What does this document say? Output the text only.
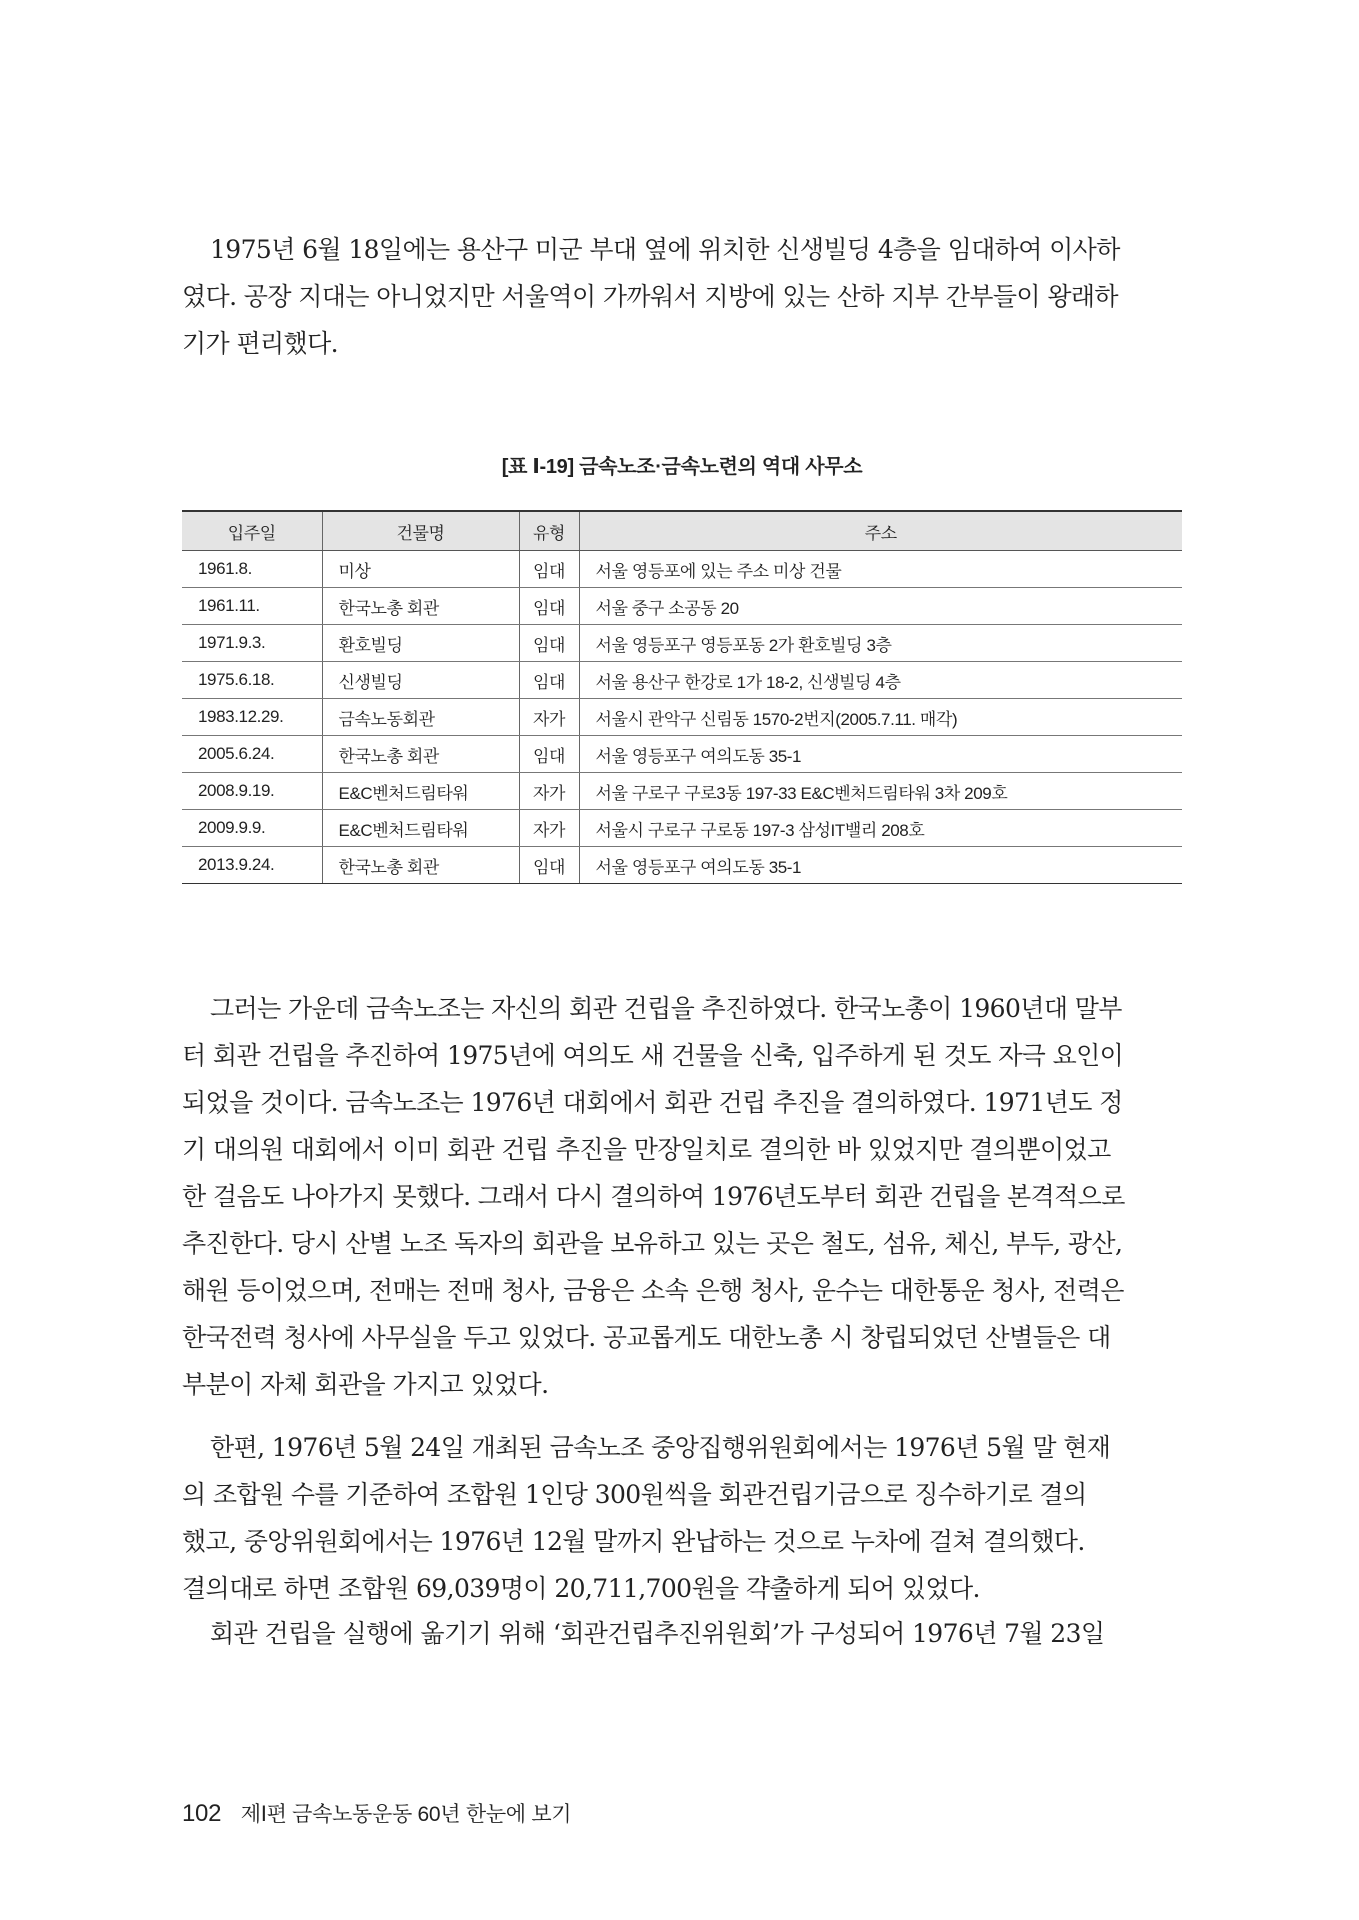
1975년 6월 18일에는 용산구 미군 부대 옆에 위치한 신생빌딩 4층을 임대하여 이사하
였다. 공장 지대는 아니었지만 서울역이 가까워서 지방에 있는 산하 지부 간부들이 왕래하
기가 편리했다.
[표 Ⅰ-19] 금속노조·금속노련의 역대 사무소
입주일	건물명	유형	주소
1961.8.	미상	임대	서울 영등포에 있는 주소 미상 건물
1961.11.	한국노총 회관	임대	서울 중구 소공동 20
1971.9.3.	환호빌딩	임대	서울 영등포구 영등포동 2가 환호빌딩 3층
1975.6.18.	신생빌딩	임대	서울 용산구 한강로 1가 18-2, 신생빌딩 4층
1983.12.29.	금속노동회관	자가	서울시 관악구 신림동 1570-2번지(2005.7.11. 매각)
2005.6.24.	한국노총 회관	임대	서울 영등포구 여의도동 35-1
2008.9.19.	E&C벤처드림타워	자가	서울 구로구 구로3동 197-33 E&C벤처드림타워 3차 209호
2009.9.9.	E&C벤처드림타워	자가	서울시 구로구 구로동 197-3 삼성IT밸리 208호
2013.9.24.	한국노총 회관	임대	서울 영등포구 여의도동 35-1
그러는 가운데 금속노조는 자신의 회관 건립을 추진하였다. 한국노총이 1960년대 말부
터 회관 건립을 추진하여 1975년에 여의도 새 건물을 신축, 입주하게 된 것도 자극 요인이
되었을 것이다. 금속노조는 1976년 대회에서 회관 건립 추진을 결의하였다. 1971년도 정
기 대의원 대회에서 이미 회관 건립 추진을 만장일치로 결의한 바 있었지만 결의뿐이었고
한 걸음도 나아가지 못했다. 그래서 다시 결의하여 1976년도부터 회관 건립을 본격적으로
추진한다. 당시 산별 노조 독자의 회관을 보유하고 있는 곳은 철도, 섬유, 체신, 부두, 광산,
해원 등이었으며, 전매는 전매 청사, 금융은 소속 은행 청사, 운수는 대한통운 청사, 전력은
한국전력 청사에 사무실을 두고 있었다. 공교롭게도 대한노총 시 창립되었던 산별들은 대
부분이 자체 회관을 가지고 있었다.
한편, 1976년 5월 24일 개최된 금속노조 중앙집행위원회에서는 1976년 5월 말 현재
의 조합원 수를 기준하여 조합원 1인당 300원씩을 회관건립기금으로 징수하기로 결의
했고, 중앙위원회에서는 1976년 12월 말까지 완납하는 것으로 누차에 걸쳐 결의했다.
결의대로 하면 조합원 69,039명이 20,711,700원을 갹출하게 되어 있었다.
회관 건립을 실행에 옮기기 위해 ‘회관건립추진위원회’가 구성되어 1976년 7월 23일
102 제Ⅰ편 금속노동운동 60년 한눈에 보기
